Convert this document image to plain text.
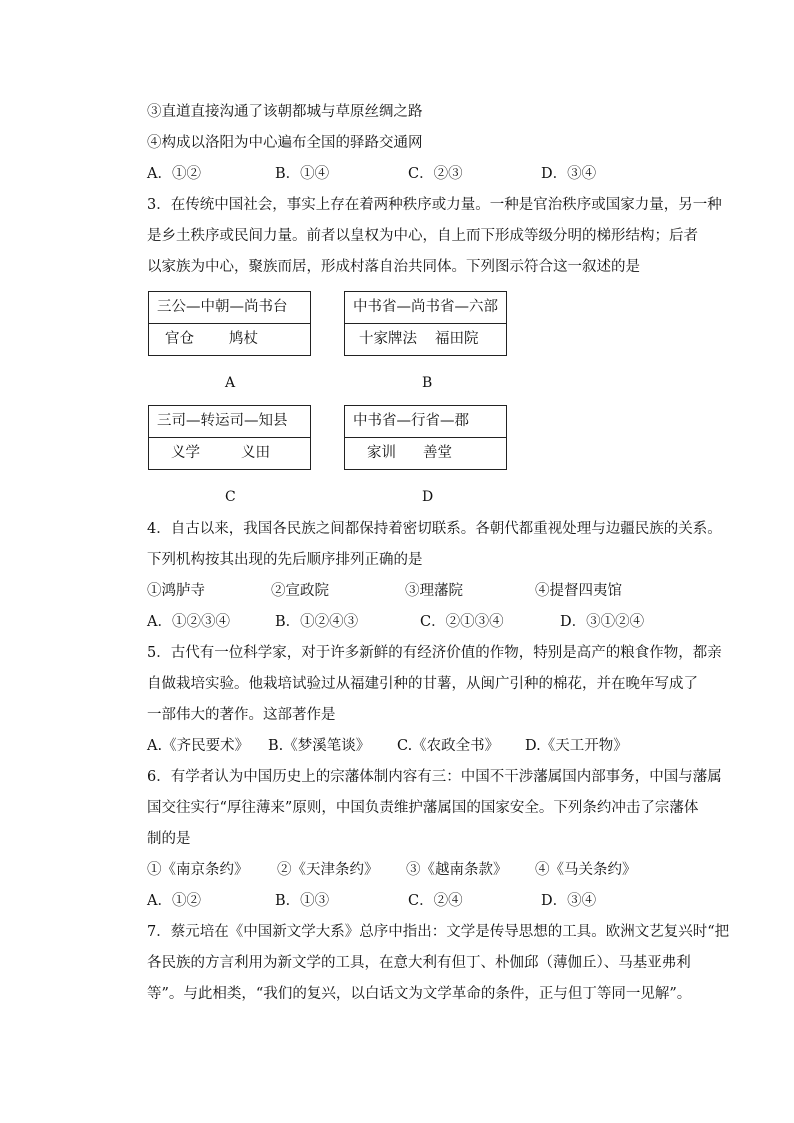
③直道直接沟通了该朝都城与草原丝绸之路
④构成以洛阳为中心遍布全国的驿路交通网
A．①②	B．①④	C．②③	D．③④
3．在传统中国社会，事实上存在着两种秩序或力量。一种是官治秩序或国家力量，另一种
是乡土秩序或民间力量。前者以皇权为中心，自上而下形成等级分明的梯形结构；后者
以家族为中心，聚族而居，形成村落自治共同体。下列图示符合这一叙述的是
三公—中朝—尚书台
官仓 鸠杖
A
中书省—尚书省—六部
十家牌法 福田院
B
三司—转运司—知县
义学	义田
C
中书省—行省—郡
家训 善堂
D
4．自古以来，我国各民族之间都保持着密切联系。各朝代都重视处理与边疆民族的关系。
下列机构按其出现的先后顺序排列正确的是
①鸿胪寺	②宣政院	③理藩院	④提督四夷馆
A．①②③④	B．①②④③	C．②①③④	D．③①②④
5．古代有一位科学家，对于许多新鲜的有经济价值的作物，特别是高产的粮食作物，都亲
自做栽培实验。他栽培试验过从福建引种的甘薯，从闽广引种的棉花，并在晚年写成了
一部伟大的著作。这部著作是
A.《齐民要术》 B.《梦溪笔谈》 C.《农政全书》 D.《天工开物》
6．有学者认为中国历史上的宗藩体制内容有三：中国不干涉藩属国内部事务，中国与藩属
国交往实行“厚往薄来”原则，中国负责维护藩属国的国家安全。下列条约冲击了宗藩体
制的是
①《南京条约》 ②《天津条约》 ③《越南条款》 ④《马关条约》
A．①②	B．①③	C．②④	D．③④
7．蔡元培在《中国新文学大系》总序中指出：文学是传导思想的工具。欧洲文艺复兴时“把
各民族的方言利用为新文学的工具，在意大利有但丁、朴伽邱（薄伽丘）、马基亚弗利
等”。与此相类，“我们的复兴，以白话文为文学革命的条件，正与但丁等同一见解”。
